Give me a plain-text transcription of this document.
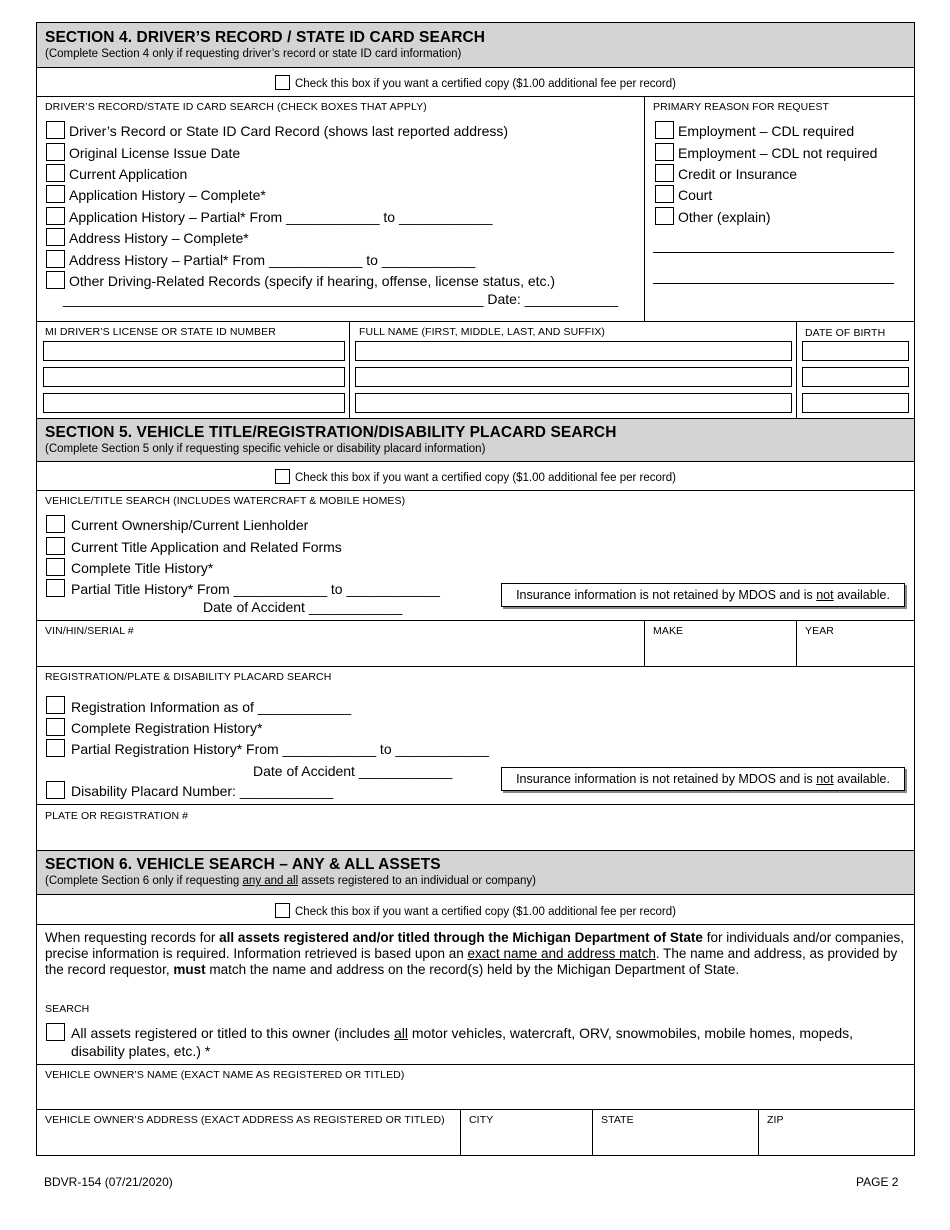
SECTION 4. DRIVER’S RECORD / STATE ID CARD SEARCH
(Complete Section 4 only if requesting driver’s record or state ID card information)
Check this box if you want a certified copy ($1.00 additional fee per record)
DRIVER’S RECORD/STATE ID CARD SEARCH (CHECK BOXES THAT APPLY)	PRIMARY REASON FOR REQUEST
Driver’s Record or State ID Card Record (shows last reported address)
Original License Issue Date
Current Application
Application History – Complete*
Application History – Partial* From ____________ to ____________
Address History – Complete*
Address History – Partial* From ____________ to ____________
Other Driving-Related Records (specify if hearing, offense, license status, etc.)
______________________________________________________ Date: ____________
Employment – CDL required
Employment – CDL not required
Credit or Insurance
Court
Other (explain)
MI DRIVER’S LICENSE OR STATE ID NUMBER	FULL NAME (FIRST, MIDDLE, LAST, AND SUFFIX)	DATE OF BIRTH
SECTION 5. VEHICLE TITLE/REGISTRATION/DISABILITY PLACARD SEARCH
(Complete Section 5 only if requesting specific vehicle or disability placard information)
Check this box if you want a certified copy ($1.00 additional fee per record)
VEHICLE/TITLE SEARCH (INCLUDES WATERCRAFT & MOBILE HOMES)
Current Ownership/Current Lienholder
Current Title Application and Related Forms
Complete Title History*
Partial Title History* From ____________ to ____________
Date of Accident ____________
Insurance information is not retained by MDOS and is not available.
VIN/HIN/SERIAL #	MAKE	YEAR
REGISTRATION/PLATE & DISABILITY PLACARD SEARCH
Registration Information as of ____________
Complete Registration History*
Partial Registration History* From ____________ to ____________
Date of Accident ____________
Disability Placard Number: ____________
Insurance information is not retained by MDOS and is not available.
PLATE OR REGISTRATION #
SECTION 6. VEHICLE SEARCH – ANY & ALL ASSETS
(Complete Section 6 only if requesting any and all assets registered to an individual or company)
Check this box if you want a certified copy ($1.00 additional fee per record)
When requesting records for all assets registered and/or titled through the Michigan Department of State for individuals and/or companies, precise information is required. Information retrieved is based upon an exact name and address match. The name and address, as provided by the record requestor, must match the name and address on the record(s) held by the Michigan Department of State.
SEARCH
All assets registered or titled to this owner (includes all motor vehicles, watercraft, ORV, snowmobiles, mobile homes, mopeds,
disability plates, etc.) *
VEHICLE OWNER’S NAME (EXACT NAME AS REGISTERED OR TITLED)
VEHICLE OWNER’S ADDRESS (EXACT ADDRESS AS REGISTERED OR TITLED) CITY	STATE	ZIP
BDVR-154 (07/21/2020)	PAGE 2
